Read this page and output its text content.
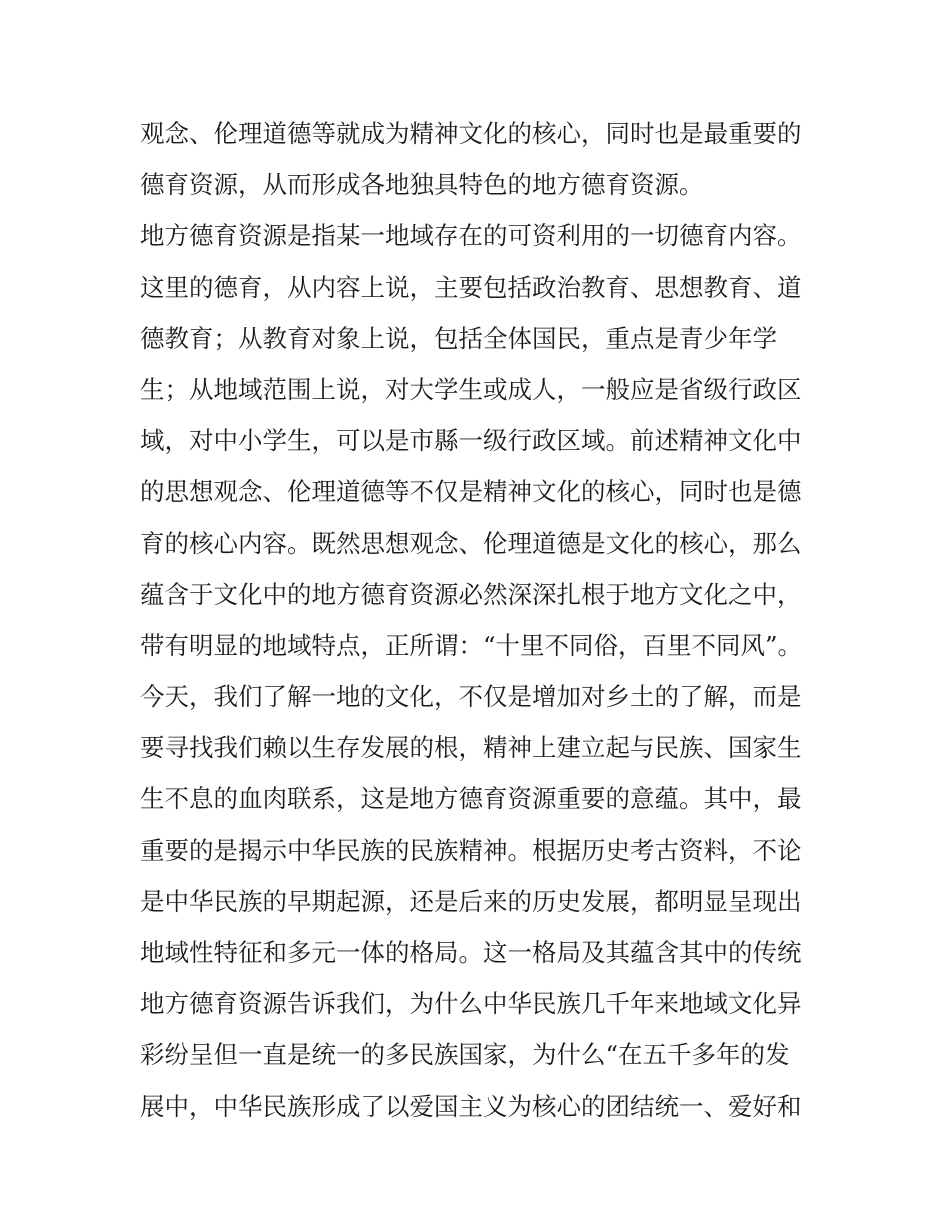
观念、伦理道德等就成为精神文化的核心，同时也是最重要的
德育资源，从而形成各地独具特色的地方德育资源。
地方德育资源是指某一地域存在的可资利用的一切德育内容。
这里的德育，从内容上说，主要包括政治教育、思想教育、道
德教育；从教育对象上说，包括全体国民，重点是青少年学
生；从地域范围上说，对大学生或成人，一般应是省级行政区
域，对中小学生，可以是市縣一级行政区域。前述精神文化中
的思想观念、伦理道德等不仅是精神文化的核心，同时也是德
育的核心内容。既然思想观念、伦理道德是文化的核心，那么
蕴含于文化中的地方德育资源必然深深扎根于地方文化之中，
带有明显的地域特点，正所谓：“十里不同俗，百里不同风”。
今天，我们了解一地的文化，不仅是增加对乡土的了解，而是
要寻找我们赖以生存发展的根，精神上建立起与民族、国家生
生不息的血肉联系，这是地方德育资源重要的意蕴。其中，最
重要的是揭示中华民族的民族精神。根据历史考古资料，不论
是中华民族的早期起源，还是后来的历史发展，都明显呈现出
地域性特征和多元一体的格局。这一格局及其蕴含其中的传统
地方德育资源告诉我们，为什么中华民族几千年来地域文化异
彩纷呈但一直是统一的多民族国家，为什么“在五千多年的发
展中，中华民族形成了以爱国主义为核心的团结统一、爱好和
